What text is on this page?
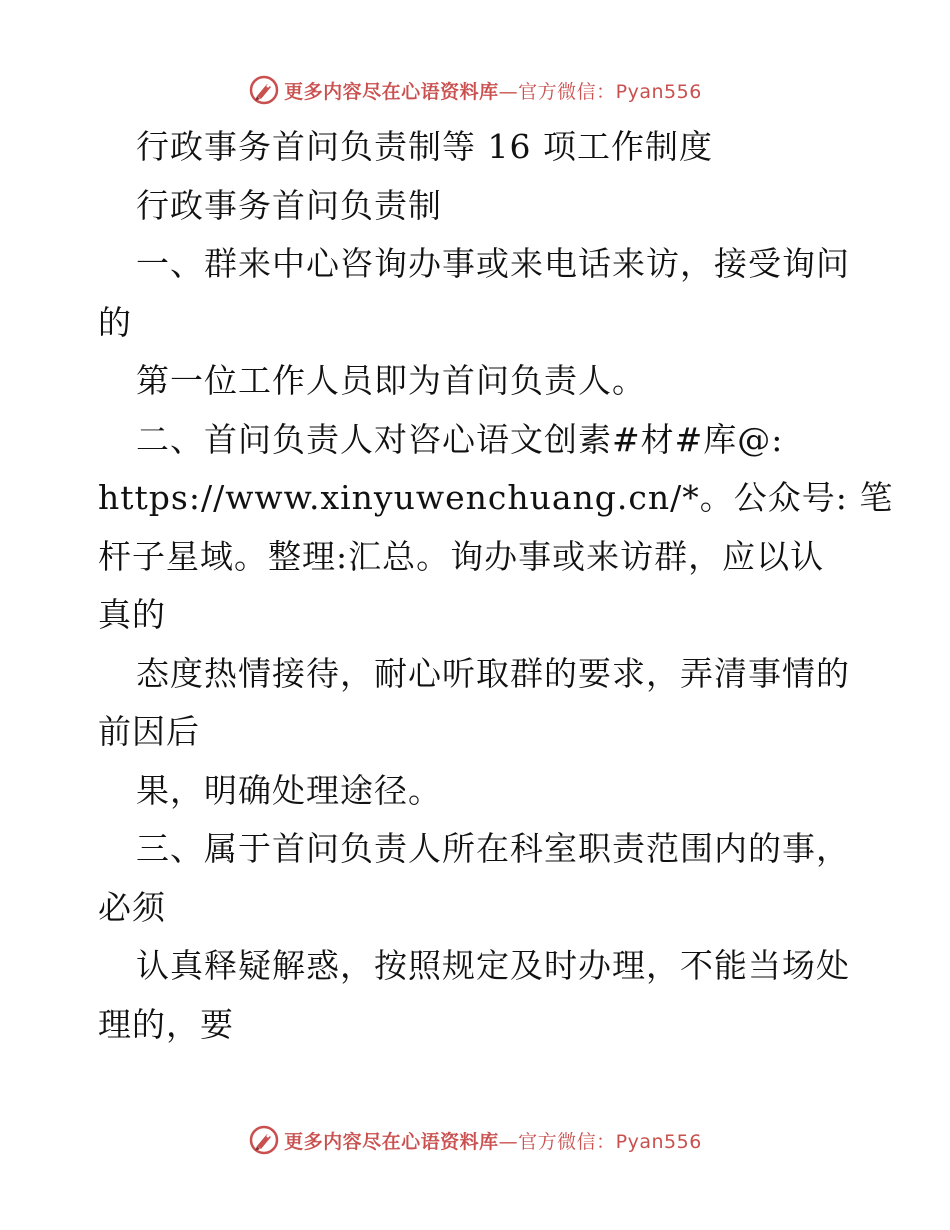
更多内容尽在心语资料库—官方微信：Pyan556
行政事务首问负责制等 16 项工作制度
行政事务首问负责制
一、群来中心咨询办事或来电话来访，接受询问
的
第一位工作人员即为首问负责人。
二、首问负责人对咨心语文创素#材#库@:
https://www.xinyuwenchuang.cn/*。公众号: 笔
杆子星域。整理:汇总。询办事或来访群，应以认
真的
态度热情接待，耐心听取群的要求，弄清事情的
前因后
果，明确处理途径。
三、属于首问负责人所在科室职责范围内的事，
必须
认真释疑解惑，按照规定及时办理，不能当场处
理的，要
更多内容尽在心语资料库—官方微信：Pyan556
